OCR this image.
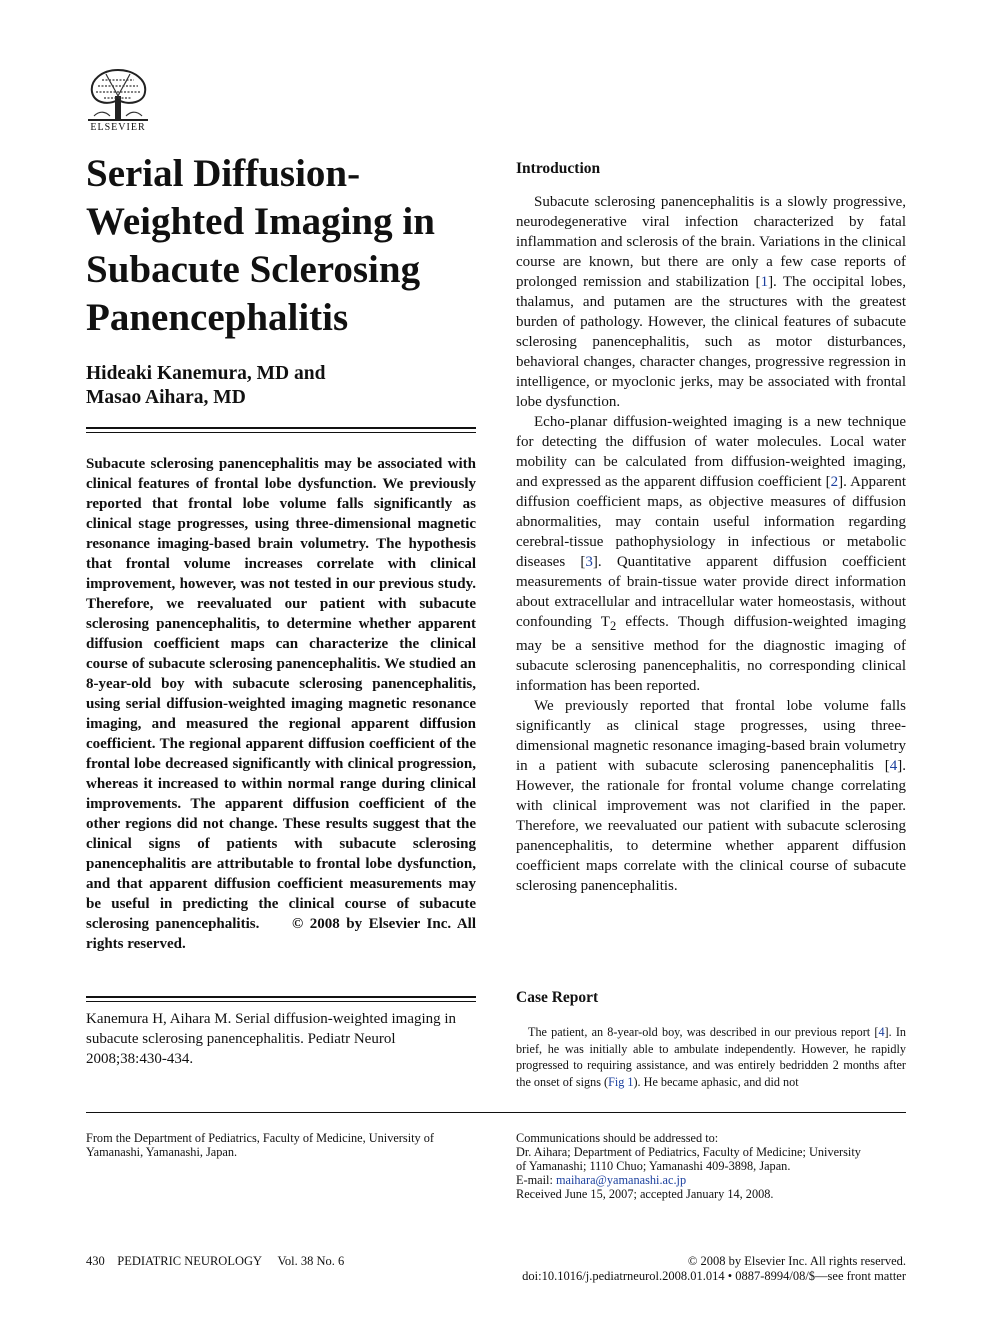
ELSEVIER
Serial Diffusion-Weighted Imaging in Subacute Sclerosing Panencephalitis
Hideaki Kanemura, MD and
Masao Aihara, MD

Subacute sclerosing panencephalitis may be associated with clinical features of frontal lobe dysfunction. We previously reported that frontal lobe volume falls significantly as clinical stage progresses, using three-dimensional magnetic resonance imaging-based brain volumetry. The hypothesis that frontal volume increases correlate with clinical improvement, however, was not tested in our previous study. Therefore, we reevaluated our patient with subacute sclerosing panencephalitis, to determine whether apparent diffusion coefficient maps can characterize the clinical course of subacute sclerosing panencephalitis. We studied an 8-year-old boy with subacute sclerosing panencephalitis, using serial diffusion-weighted imaging magnetic resonance imaging, and measured the regional apparent diffusion coefficient. The regional apparent diffusion coefficient of the frontal lobe decreased significantly with clinical progression, whereas it increased to within normal range during clinical improvements. The apparent diffusion coefficient of the other regions did not change. These results suggest that the clinical signs of patients with subacute sclerosing panencephalitis are attributable to frontal lobe dysfunction, and that apparent diffusion coefficient measurements may be useful in predicting the clinical course of subacute sclerosing panencephalitis. © 2008 by Elsevier Inc. All rights reserved.

Kanemura H, Aihara M. Serial diffusion-weighted imaging in subacute sclerosing panencephalitis. Pediatr Neurol 2008;38:430-434.

Introduction

Subacute sclerosing panencephalitis is a slowly progressive, neurodegenerative viral infection characterized by fatal inflammation and sclerosis of the brain. Variations in the clinical course are known, but there are only a few case reports of prolonged remission and stabilization [1]. The occipital lobes, thalamus, and putamen are the structures with the greatest burden of pathology. However, the clinical features of subacute sclerosing panencephalitis, such as motor disturbances, behavioral changes, character changes, progressive regression in intelligence, or myoclonic jerks, may be associated with frontal lobe dysfunction.

Echo-planar diffusion-weighted imaging is a new technique for detecting the diffusion of water molecules. Local water mobility can be calculated from diffusion-weighted imaging, and expressed as the apparent diffusion coefficient [2]. Apparent diffusion coefficient maps, as objective measures of diffusion abnormalities, may contain useful information regarding cerebral-tissue pathophysiology in infectious or metabolic diseases [3]. Quantitative apparent diffusion coefficient measurements of brain-tissue water provide direct information about extracellular and intracellular water homeostasis, without confounding $T_2$ effects. Though diffusion-weighted imaging may be a sensitive method for the diagnostic imaging of subacute sclerosing panencephalitis, no corresponding clinical information has been reported.

We previously reported that frontal lobe volume falls significantly as clinical stage progresses, using three-dimensional magnetic resonance imaging-based brain volumetry in a patient with subacute sclerosing panencephalitis [4]. However, the rationale for frontal volume change correlating with clinical improvement was not clarified in the paper. Therefore, we reevaluated our patient with subacute sclerosing panencephalitis, to determine whether apparent diffusion coefficient maps correlate with the clinical course of subacute sclerosing panencephalitis.

Case Report

The patient, an 8-year-old boy, was described in our previous report [4]. In brief, he was initially able to ambulate independently. However, he rapidly progressed to requiring assistance, and was entirely bedridden 2 months after the onset of signs (Fig 1). He became aphasic, and did not

From the Department of Pediatrics, Faculty of Medicine, University of Yamanashi, Yamanashi, Japan.

Communications should be addressed to:
Dr. Aihara; Department of Pediatrics, Faculty of Medicine; University
of Yamanashi; 1110 Chuo; Yamanashi 409-3898, Japan.
E-mail: maihara@yamanashi.ac.jp
Received June 15, 2007; accepted January 14, 2008.
430 PEDIATRIC NEUROLOGY Vol. 38 No. 6	© 2008 by Elsevier Inc. All rights reserved.
doi:10.1016/j.pediatrneurol.2008.01.014 • 0887-8994/08/$—see front matter
